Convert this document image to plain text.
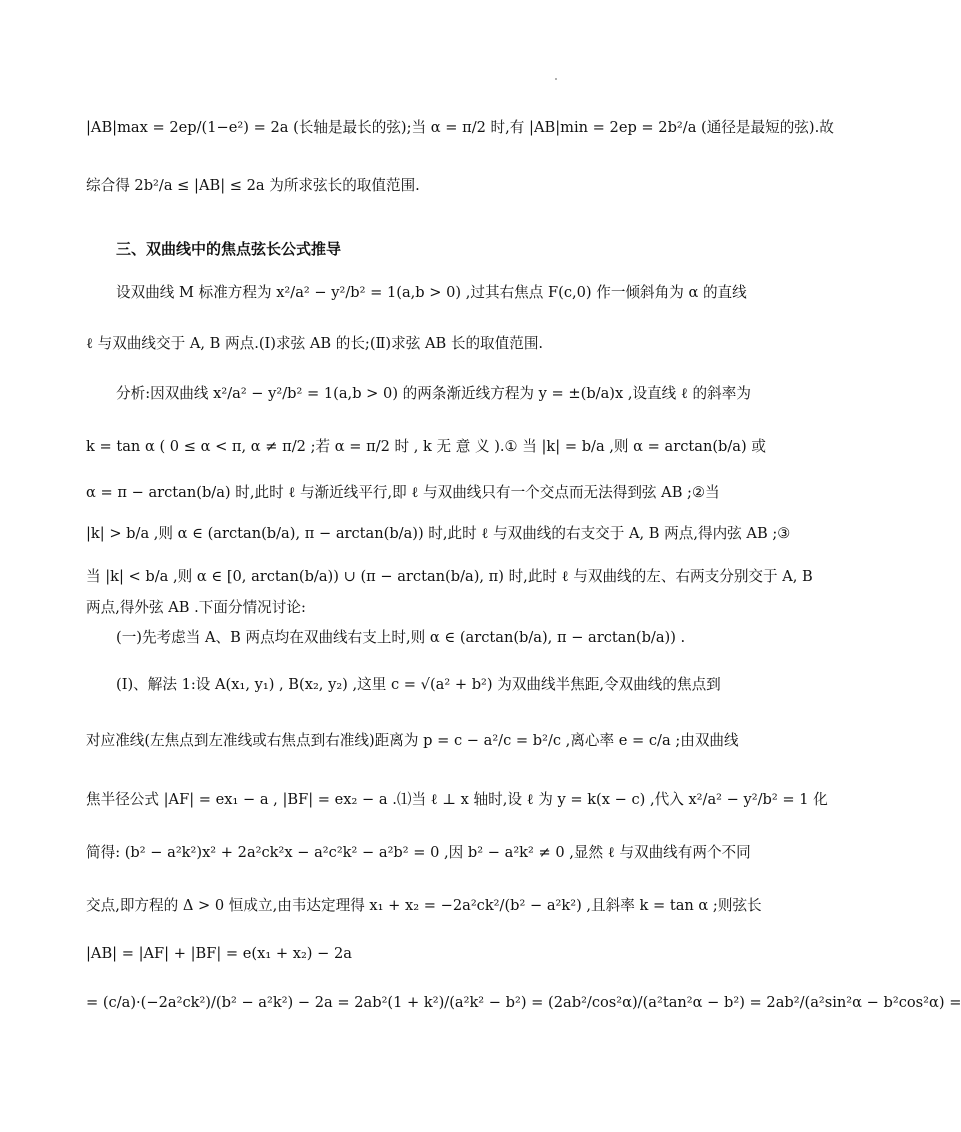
|AB|max = 2ep/(1−e²) = 2a (长轴是最长的弦);当 α = π/2 时,有 |AB|min = 2ep = 2b²/a (通径是最短的弦).故
综合得 2b²/a ≤ |AB| ≤ 2a 为所求弦长的取值范围.
三、双曲线中的焦点弦长公式推导
设双曲线 M 标准方程为 x²/a² − y²/b² = 1(a,b > 0) ,过其右焦点 F(c,0) 作一倾斜角为 α 的直线
ℓ 与双曲线交于 A, B 两点.(Ⅰ)求弦 AB 的长;(Ⅱ)求弦 AB 长的取值范围.
分析:因双曲线 x²/a² − y²/b² = 1(a,b > 0) 的两条渐近线方程为 y = ±(b/a)x ,设直线 ℓ 的斜率为
k = tan α ( 0 ≤ α < π, α ≠ π/2 ;若 α = π/2 时 , k 无 意 义 ).① 当 |k| = b/a ,则 α = arctan(b/a) 或
α = π − arctan(b/a) 时,此时 ℓ 与渐近线平行,即 ℓ 与双曲线只有一个交点而无法得到弦 AB ;②当
|k| > b/a ,则 α ∈ (arctan(b/a), π − arctan(b/a)) 时,此时 ℓ 与双曲线的右支交于 A, B 两点,得内弦 AB ;③
当 |k| < b/a ,则 α ∈ [0, arctan(b/a)) ∪ (π − arctan(b/a), π) 时,此时 ℓ 与双曲线的左、右两支分别交于 A, B
两点,得外弦 AB .下面分情况讨论:
(一)先考虑当 A、B 两点均在双曲线右支上时,则 α ∈ (arctan(b/a), π − arctan(b/a)) .
(Ⅰ)、解法 1:设 A(x₁, y₁) , B(x₂, y₂) ,这里 c = √(a² + b²) 为双曲线半焦距,令双曲线的焦点到
对应准线(左焦点到左准线或右焦点到右准线)距离为 p = c − a²/c = b²/c ,离心率 e = c/a ;由双曲线
焦半径公式 |AF| = ex₁ − a , |BF| = ex₂ − a .⑴当 ℓ ⊥ x 轴时,设 ℓ 为 y = k(x − c) ,代入 x²/a² − y²/b² = 1 化
简得: (b² − a²k²)x² + 2a²ck²x − a²c²k² − a²b² = 0 ,因 b² − a²k² ≠ 0 ,显然 ℓ 与双曲线有两个不同
交点,即方程的 Δ > 0 恒成立,由韦达定理得 x₁ + x₂ = −2a²ck²/(b² − a²k²) ,且斜率 k = tan α ;则弦长
|AB| = |AF| + |BF| = e(x₁ + x₂) − 2a
= (c/a)·(−2a²ck²)/(b² − a²k²) − 2a = 2ab²(1 + k²)/(a²k² − b²) = (2ab²/cos²α)/(a²tan²α − b²) = 2ab²/(a²sin²α − b²cos²α) =
